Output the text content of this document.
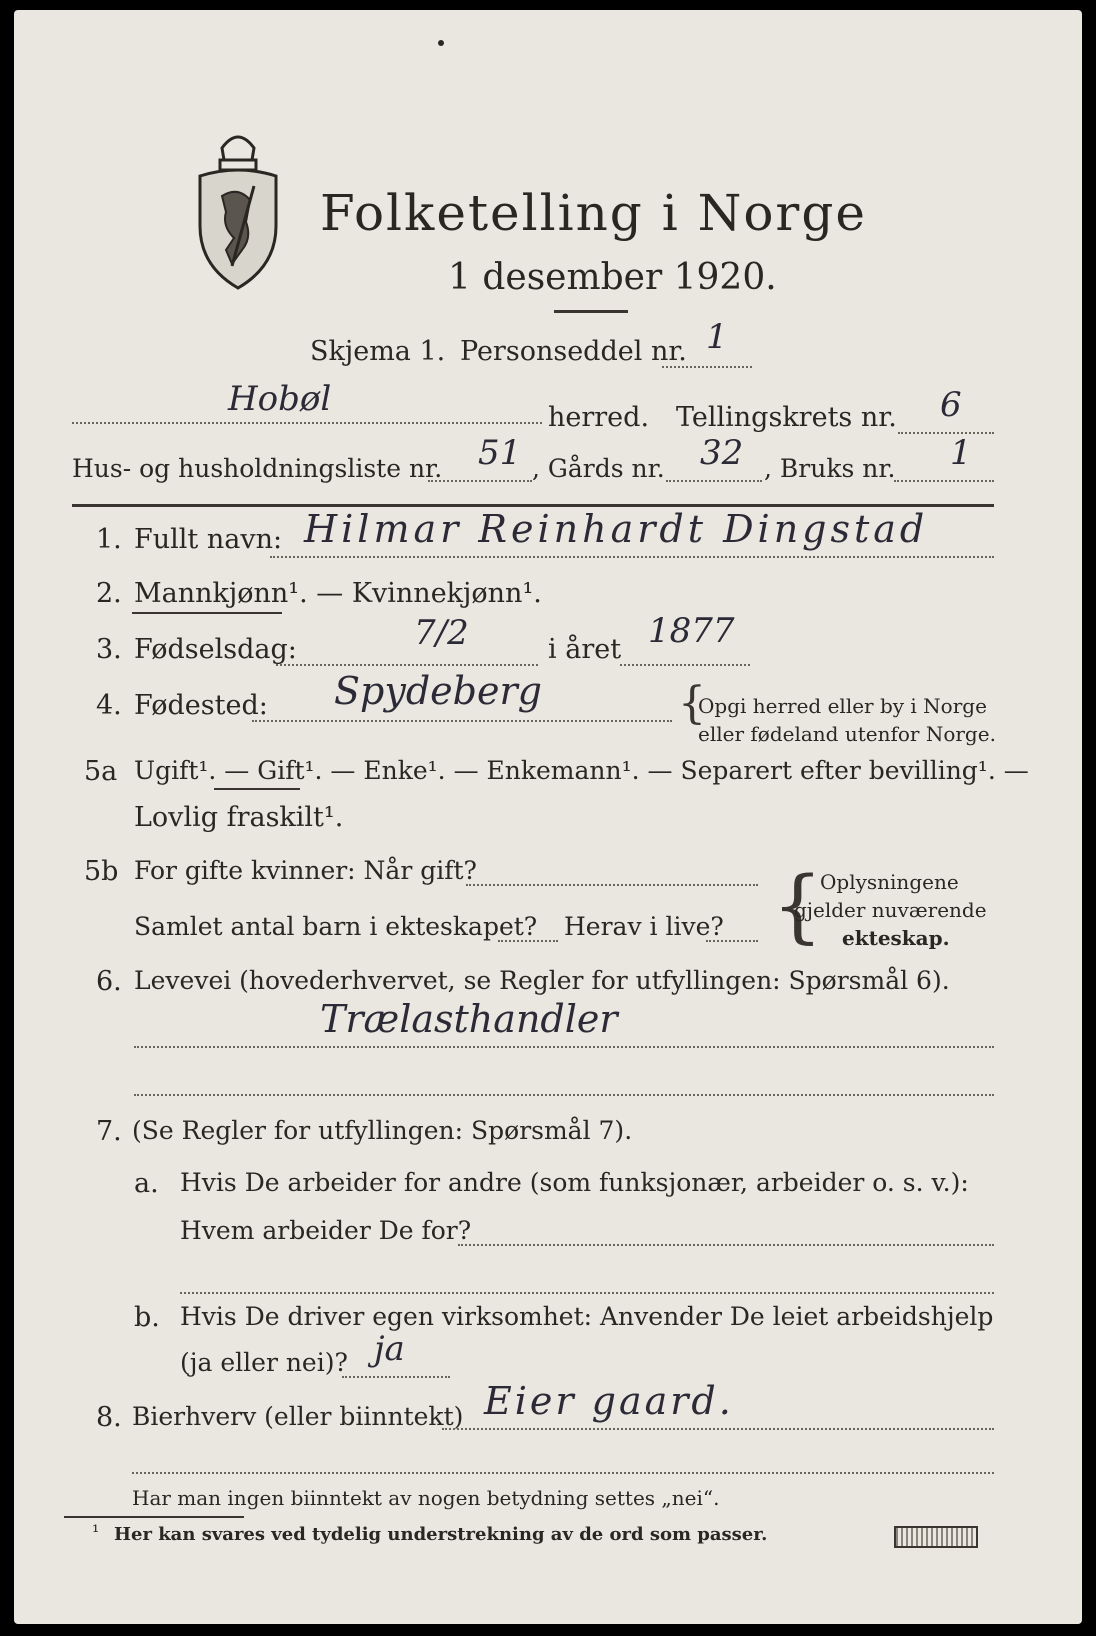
Folketelling i Norge
1 desember 1920.
Skjema 1. Personseddel nr. 1
Hobøl	herred. Tellingskrets nr. 6
Hus- og husholdningsliste nr. 51 , Gårds nr. 32 , Bruks nr. 1
1. Fullt navn: Hilmar Reinhardt Dingstad
2. Mannkjønn¹. — Kvinnekjønn¹.
3. Fødselsdag:	7/2	i året 1877
4. Fødested: Spydeberg	{
Opgi herred eller by i Norge
eller fødeland utenfor Norge.
5a Ugift¹. — Gift¹. — Enke¹. — Enkemann¹. — Separert efter bevilling¹. —
Lovlig fraskilt¹.
5b For gifte kvinner: Når gift?
Samlet antal barn i ekteskapet? Herav i live? {
Oplysningene
gjelder nuværende
ekteskap.
6. Levevei (hovederhvervet, se Regler for utfyllingen: Spørsmål 6).
Trælasthandler
7. (Se Regler for utfyllingen: Spørsmål 7).
a. Hvis De arbeider for andre (som funksjonær, arbeider o. s. v.):
Hvem arbeider De for?
b. Hvis De driver egen virksomhet: Anvender De leiet arbeidshjelp
(ja eller nei)? ja
8. Bierhverv (eller biinntekt) Eier gaard.
Har man ingen biinntekt av nogen betydning settes „nei“.
¹ Her kan svares ved tydelig understrekning av de ord som passer.
